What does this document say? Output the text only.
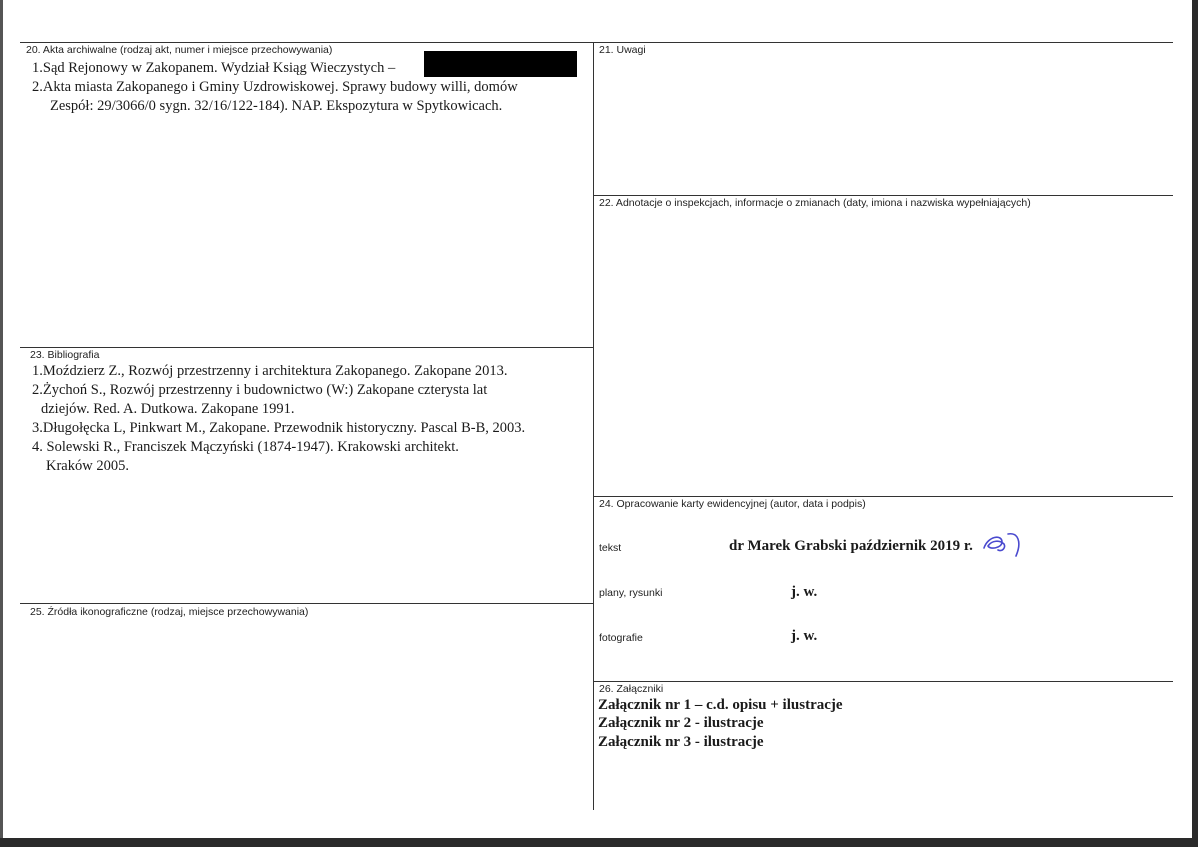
20. Akta archiwalne (rodzaj akt, numer i miejsce przechowywania)
1.Sąd Rejonowy w Zakopanem. Wydział Ksiąg Wieczystych –
2.Akta miasta Zakopanego i Gminy Uzdrowiskowej. Sprawy budowy willi, domów
Zespół: 29/3066/0 sygn. 32/16/122-184). NAP. Ekspozytura w Spytkowicach.
21. Uwagi
22. Adnotacje o inspekcjach, informacje o zmianach (daty, imiona i nazwiska wypełniających)
23. Bibliografia
1.Moździerz Z., Rozwój przestrzenny i architektura Zakopanego. Zakopane 2013.
2.Żychoń S., Rozwój przestrzenny i budownictwo (W:) Zakopane czterysta lat
dziejów. Red. A. Dutkowa. Zakopane 1991.
3.Długołęcka L, Pinkwart M., Zakopane. Przewodnik historyczny. Pascal B-B, 2003.
4. Solewski R., Franciszek Mączyński (1874-1947). Krakowski architekt.
Kraków 2005.
24. Opracowanie karty ewidencyjnej (autor, data i podpis)
tekst	dr Marek Grabski październik 2019 r.
plany, rysunki	j. w.
fotografie	j. w.
25. Źródła ikonograficzne (rodzaj, miejsce przechowywania)
26. Załączniki
Załącznik nr 1 – c.d. opisu + ilustracje
Załącznik nr 2 - ilustracje
Załącznik nr 3 - ilustracje
